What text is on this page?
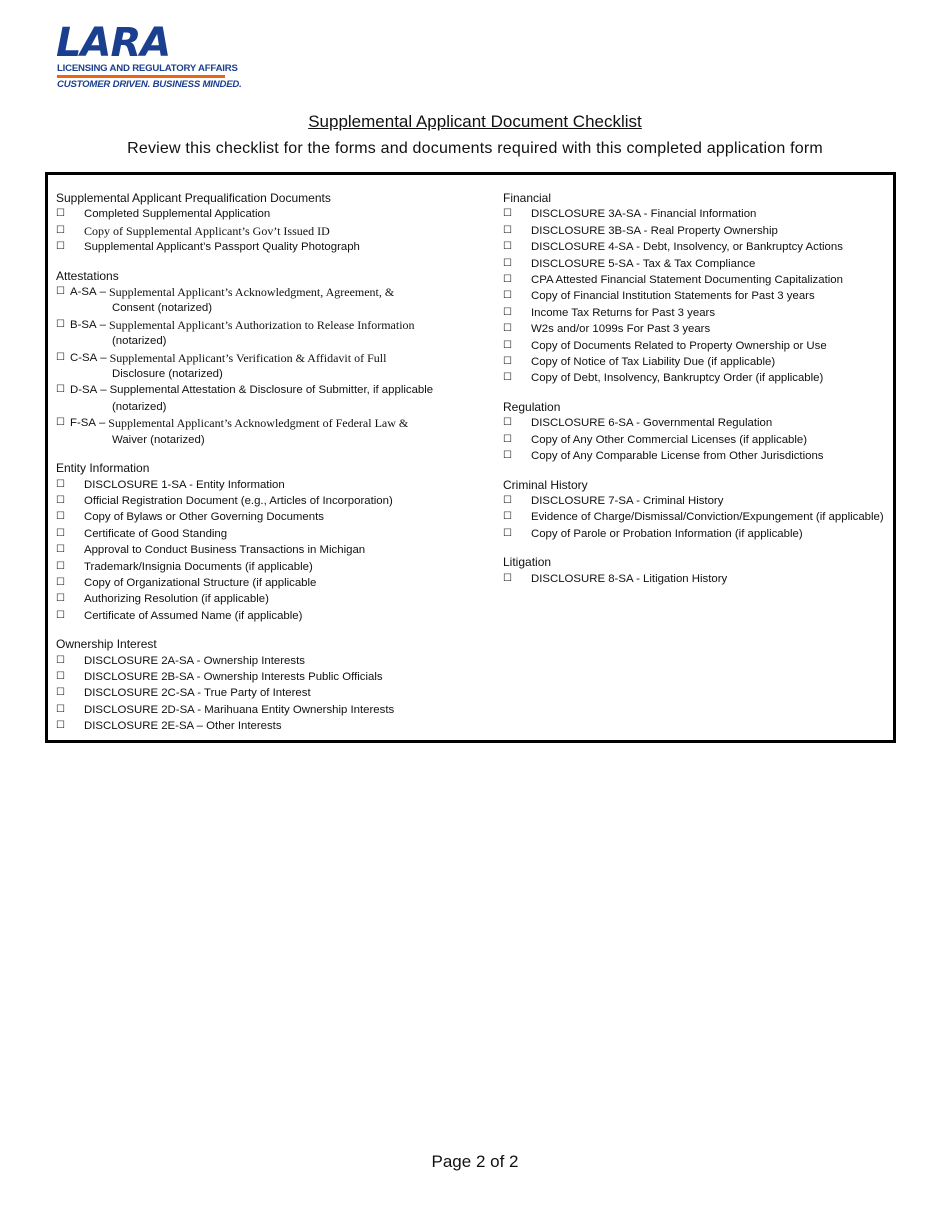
LARA
LICENSING AND REGULATORY AFFAIRS
CUSTOMER DRIVEN. BUSINESS MINDED.
Supplemental Applicant Document Checklist
Review this checklist for the forms and documents required with this completed application form
Supplemental Applicant Prequalification Documents
☐	Completed Supplemental Application
☐	Copy of Supplemental Applicant’s Gov’t Issued ID
☐	Supplemental Applicant’s Passport Quality Photograph
Attestations
☐ A-SA – Supplemental Applicant’s Acknowledgment, Agreement, &
Consent (notarized)
☐ B-SA – Supplemental Applicant’s Authorization to Release Information
(notarized)
☐ C-SA – Supplemental Applicant’s Verification & Affidavit of Full
Disclosure (notarized)
☐ D-SA – Supplemental Attestation & Disclosure of Submitter, if applicable
(notarized)
☐ F-SA – Supplemental Applicant’s Acknowledgment of Federal Law &
Waiver (notarized)
Entity Information
☐	DISCLOSURE 1-SA - Entity Information
☐	Official Registration Document (e.g., Articles of Incorporation)
☐	Copy of Bylaws or Other Governing Documents
☐	Certificate of Good Standing
☐	Approval to Conduct Business Transactions in Michigan
☐	Trademark/Insignia Documents (if applicable)
☐	Copy of Organizational Structure (if applicable
☐	Authorizing Resolution (if applicable)
☐	Certificate of Assumed Name (if applicable)
Ownership Interest
☐	DISCLOSURE 2A-SA - Ownership Interests
☐	DISCLOSURE 2B-SA - Ownership Interests Public Officials
☐	DISCLOSURE 2C-SA - True Party of Interest
☐	DISCLOSURE 2D-SA - Marihuana Entity Ownership Interests
☐	DISCLOSURE 2E-SA – Other Interests
Financial
☐	DISCLOSURE 3A-SA - Financial Information
☐	DISCLOSURE 3B-SA - Real Property Ownership
☐	DISCLOSURE 4-SA - Debt, Insolvency, or Bankruptcy Actions
☐	DISCLOSURE 5-SA - Tax & Tax Compliance
☐	CPA Attested Financial Statement Documenting Capitalization
☐	Copy of Financial Institution Statements for Past 3 years
☐	Income Tax Returns for Past 3 years
☐	W2s and/or 1099s For Past 3 years
☐	Copy of Documents Related to Property Ownership or Use
☐	Copy of Notice of Tax Liability Due (if applicable)
☐	Copy of Debt, Insolvency, Bankruptcy Order (if applicable)
Regulation
☐	DISCLOSURE 6-SA - Governmental Regulation
☐	Copy of Any Other Commercial Licenses (if applicable)
☐	Copy of Any Comparable License from Other Jurisdictions
Criminal History
☐	DISCLOSURE 7-SA - Criminal History
☐	Evidence of Charge/Dismissal/Conviction/Expungement (if applicable)
☐	Copy of Parole or Probation Information (if applicable)
Litigation
☐	DISCLOSURE 8-SA - Litigation History
Page 2 of 2
